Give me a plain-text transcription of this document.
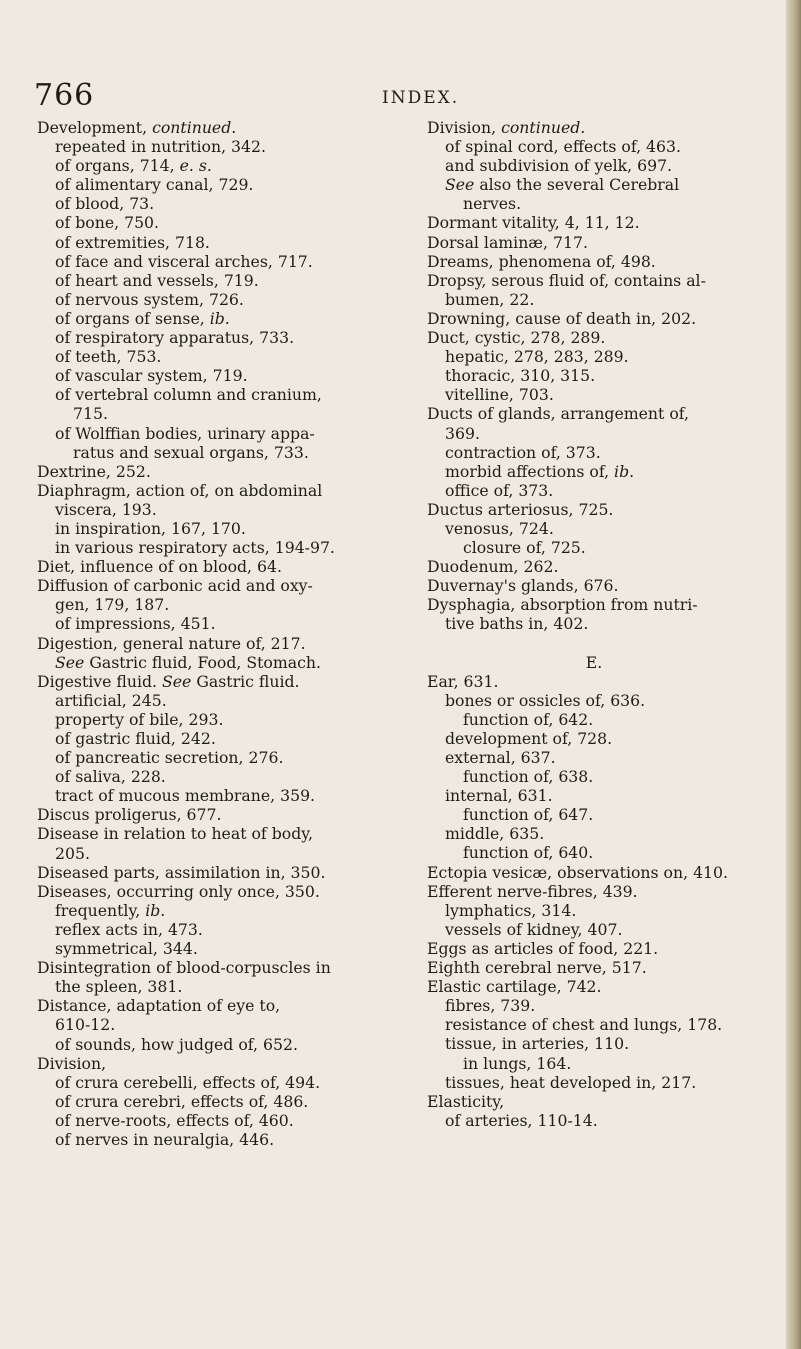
766	INDEX.
Development, continued.
repeated in nutrition, 342.
of organs, 714, e. s.
of alimentary canal, 729.
of blood, 73.
of bone, 750.
of extremities, 718.
of face and visceral arches, 717.
of heart and vessels, 719.
of nervous system, 726.
of organs of sense, ib.
of respiratory apparatus, 733.
of teeth, 753.
of vascular system, 719.
of vertebral column and cranium,
715.
of Wolffian bodies, urinary appa-
ratus and sexual organs, 733.
Dextrine, 252.
Diaphragm, action of, on abdominal
viscera, 193.
in inspiration, 167, 170.
in various respiratory acts, 194-97.
Diet, influence of on blood, 64.
Diffusion of carbonic acid and oxy-
gen, 179, 187.
of impressions, 451.
Digestion, general nature of, 217.
See Gastric fluid, Food, Stomach.
Digestive fluid. See Gastric fluid.
artificial, 245.
property of bile, 293.
of gastric fluid, 242.
of pancreatic secretion, 276.
of saliva, 228.
tract of mucous membrane, 359.
Discus proligerus, 677.
Disease in relation to heat of body,
205.
Diseased parts, assimilation in, 350.
Diseases, occurring only once, 350.
frequently, ib.
reflex acts in, 473.
symmetrical, 344.
Disintegration of blood-corpuscles in
the spleen, 381.
Distance, adaptation of eye to,
610-12.
of sounds, how judged of, 652.
Division,
of crura cerebelli, effects of, 494.
of crura cerebri, effects of, 486.
of nerve-roots, effects of, 460.
of nerves in neuralgia, 446.
Division, continued.
of spinal cord, effects of, 463.
and subdivision of yelk, 697.
See also the several Cerebral
nerves.
Dormant vitality, 4, 11, 12.
Dorsal laminæ, 717.
Dreams, phenomena of, 498.
Dropsy, serous fluid of, contains al-
bumen, 22.
Drowning, cause of death in, 202.
Duct, cystic, 278, 289.
hepatic, 278, 283, 289.
thoracic, 310, 315.
vitelline, 703.
Ducts of glands, arrangement of,
369.
contraction of, 373.
morbid affections of, ib.
office of, 373.
Ductus arteriosus, 725.
venosus, 724.
closure of, 725.
Duodenum, 262.
Duvernay's glands, 676.
Dysphagia, absorption from nutri-
tive baths in, 402.
E.
Ear, 631.
bones or ossicles of, 636.
function of, 642.
development of, 728.
external, 637.
function of, 638.
internal, 631.
function of, 647.
middle, 635.
function of, 640.
Ectopia vesicæ, observations on, 410.
Efferent nerve-fibres, 439.
lymphatics, 314.
vessels of kidney, 407.
Eggs as articles of food, 221.
Eighth cerebral nerve, 517.
Elastic cartilage, 742.
fibres, 739.
resistance of chest and lungs, 178.
tissue, in arteries, 110.
in lungs, 164.
tissues, heat developed in, 217.
Elasticity,
of arteries, 110-14.
